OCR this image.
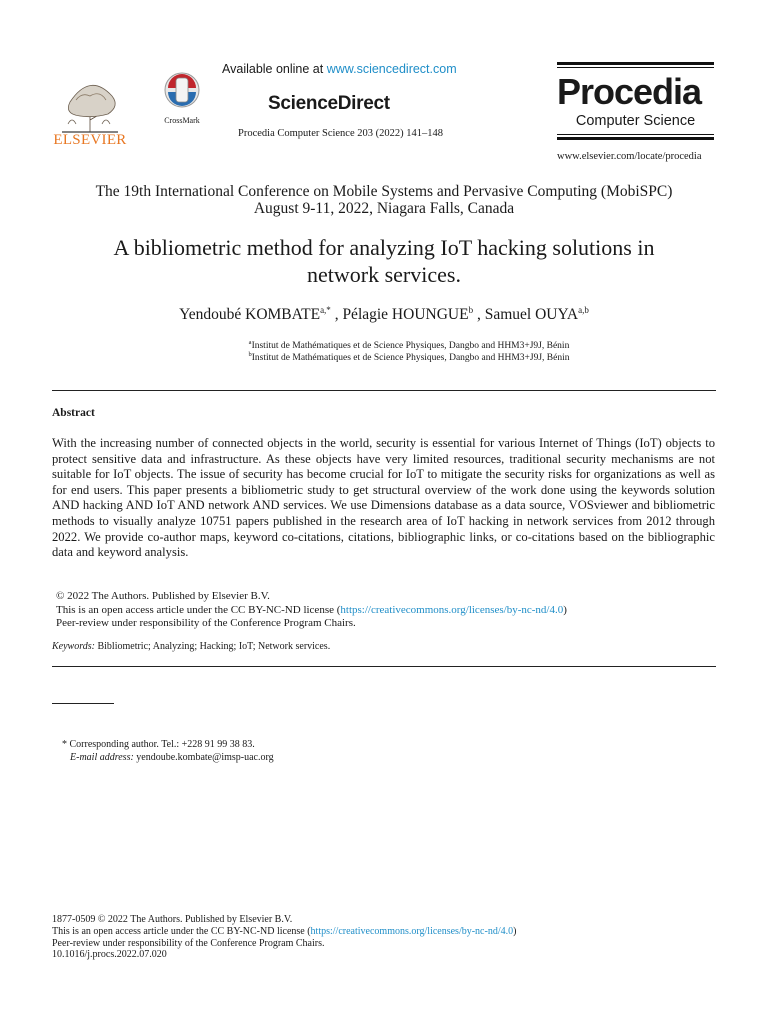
ELSEVIER
CrossMark
Available online at www.sciencedirect.com
ScienceDirect
Procedia Computer Science 203 (2022) 141–148
Procedia
Computer Science
www.elsevier.com/locate/procedia
The 19th International Conference on Mobile Systems and Pervasive Computing (MobiSPC)
August 9-11, 2022, Niagara Falls, Canada
A bibliometric method for analyzing IoT hacking solutions in
network services.
Yendoubé $KOMBATE^{a,*}$ , Pélagie HOUNGUE$^b$ , Samuel OUYA$^{a,b}$
$^a$Institut de Mathématiques et de Science Physiques, Dangbo and HHM3+J9J, Bénin
$^b$Institut de Mathématiques et de Science Physiques, Dangbo and HHM3+J9J, Bénin
Abstract
With the increasing number of connected objects in the world, security is essential for various Internet of Things (IoT) objects to protect sensitive data and infrastructure. As these objects have very limited resources, traditional security mechanisms are not suitable for IoT objects. The issue of security has become crucial for IoT to mitigate the security risks for organizations as well as for end users. This paper presents a bibliometric study to get structural overview of the work done using the keywords solution AND hacking AND IoT AND network AND services. We use Dimensions database as a data source, VOSviewer and bibliometric methods to visually analyze 10751 papers published in the research area of IoT hacking in network services from 2012 through 2022. We provide co-author maps, keyword co-citations, citations, bibliographic links, or co-citations based on the bibliographic data and keyword analysis.
© 2022 The Authors. Published by Elsevier B.V.
This is an open access article under the CC BY-NC-ND license (https://creativecommons.org/licenses/by-nc-nd/4.0)
Peer-review under responsibility of the Conference Program Chairs.
Keywords: Bibliometric; Analyzing; Hacking; IoT; Network services.
* Corresponding author. Tel.: +228 91 99 38 83.
E-mail address: yendoube.kombate@imsp-uac.org
1877-0509 © 2022 The Authors. Published by Elsevier B.V.
This is an open access article under the CC BY-NC-ND license (https://creativecommons.org/licenses/by-nc-nd/4.0)
Peer-review under responsibility of the Conference Program Chairs.
10.1016/j.procs.2022.07.020
